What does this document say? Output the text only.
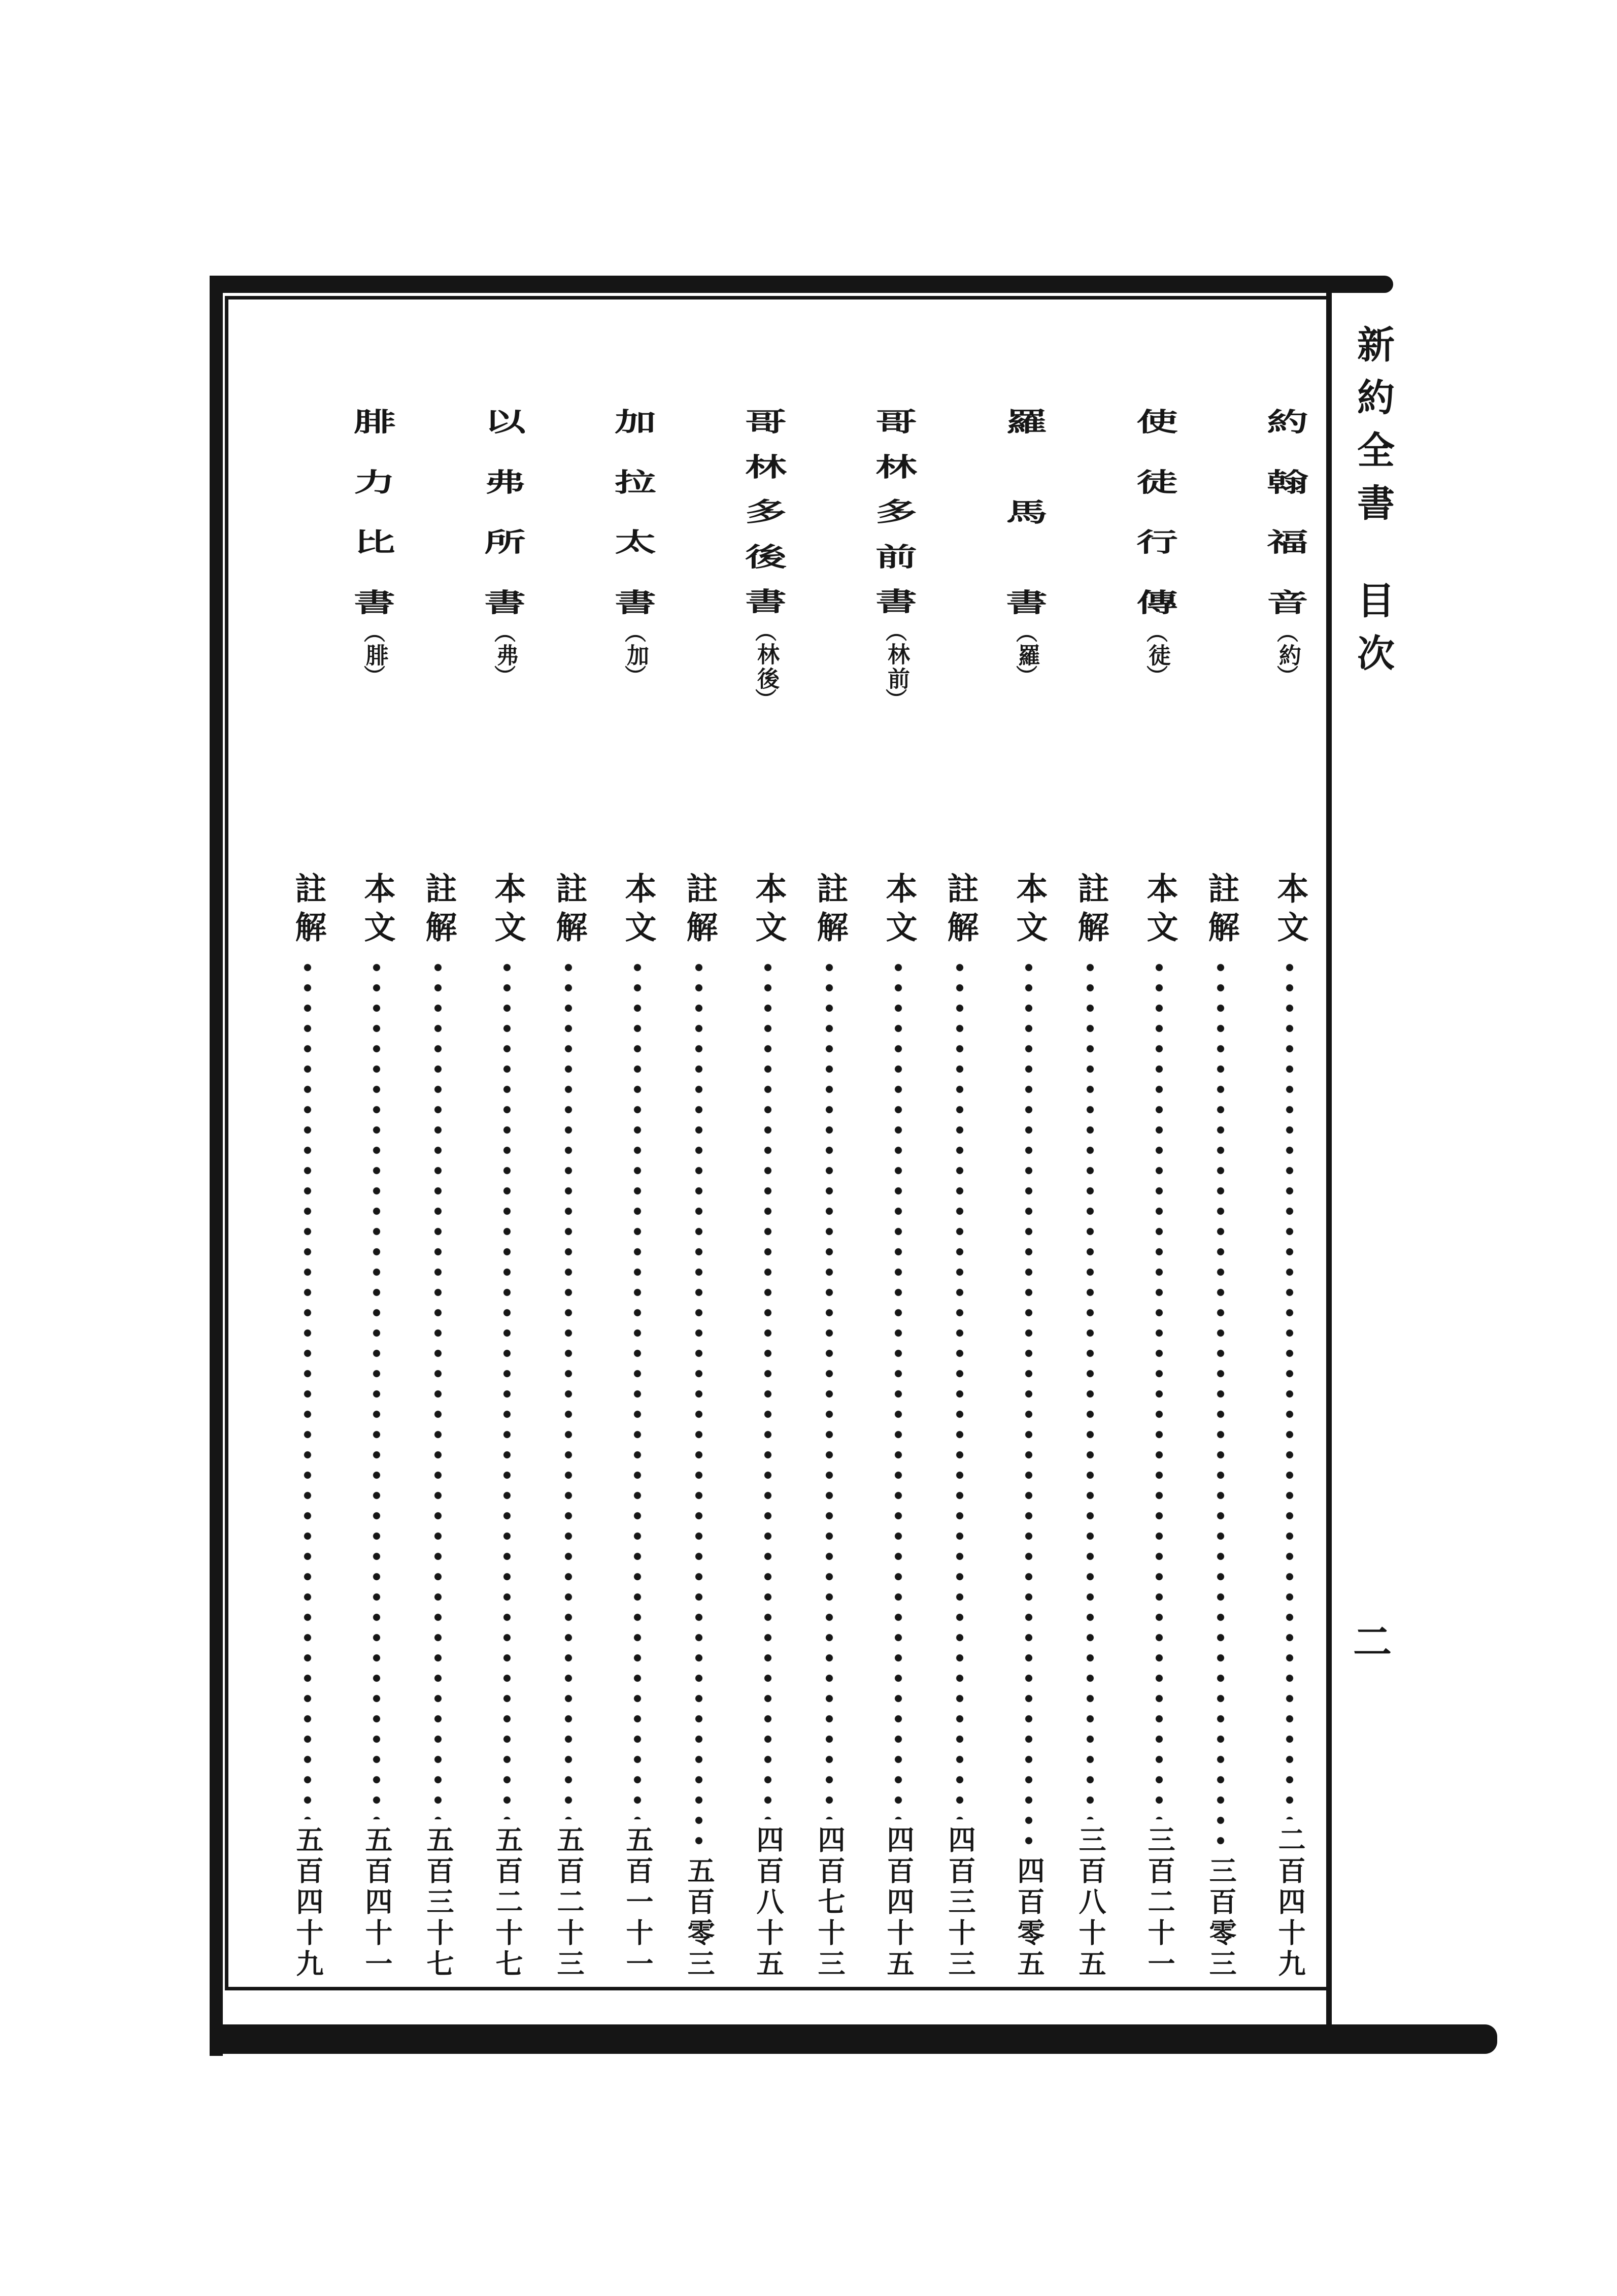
新約全書
目次
二
約
翰
福
音
︵
約
︶
本文
二百四十九
註解
三百零三
使
徒
行
傳
︵
徒
︶
本文
三百二十一
註解
三百八十五
羅
馬
書
︵
羅
︶
本文
四百零五
註解
四百三十三
哥
林
多
前
書
︵
林前
︶
本文
四百四十五
註解
四百七十三
哥
林
多
後
書
︵
林後
︶
本文
四百八十五
註解
五百零三
加
拉
太
書
︵
加
︶
本文
五百一十一
註解
五百二十三
以
弗
所
書
︵
弗
︶
本文
五百二十七
註解
五百三十七
腓
力
比
書
︵
腓
︶
本文
五百四十一
註解
五百四十九
